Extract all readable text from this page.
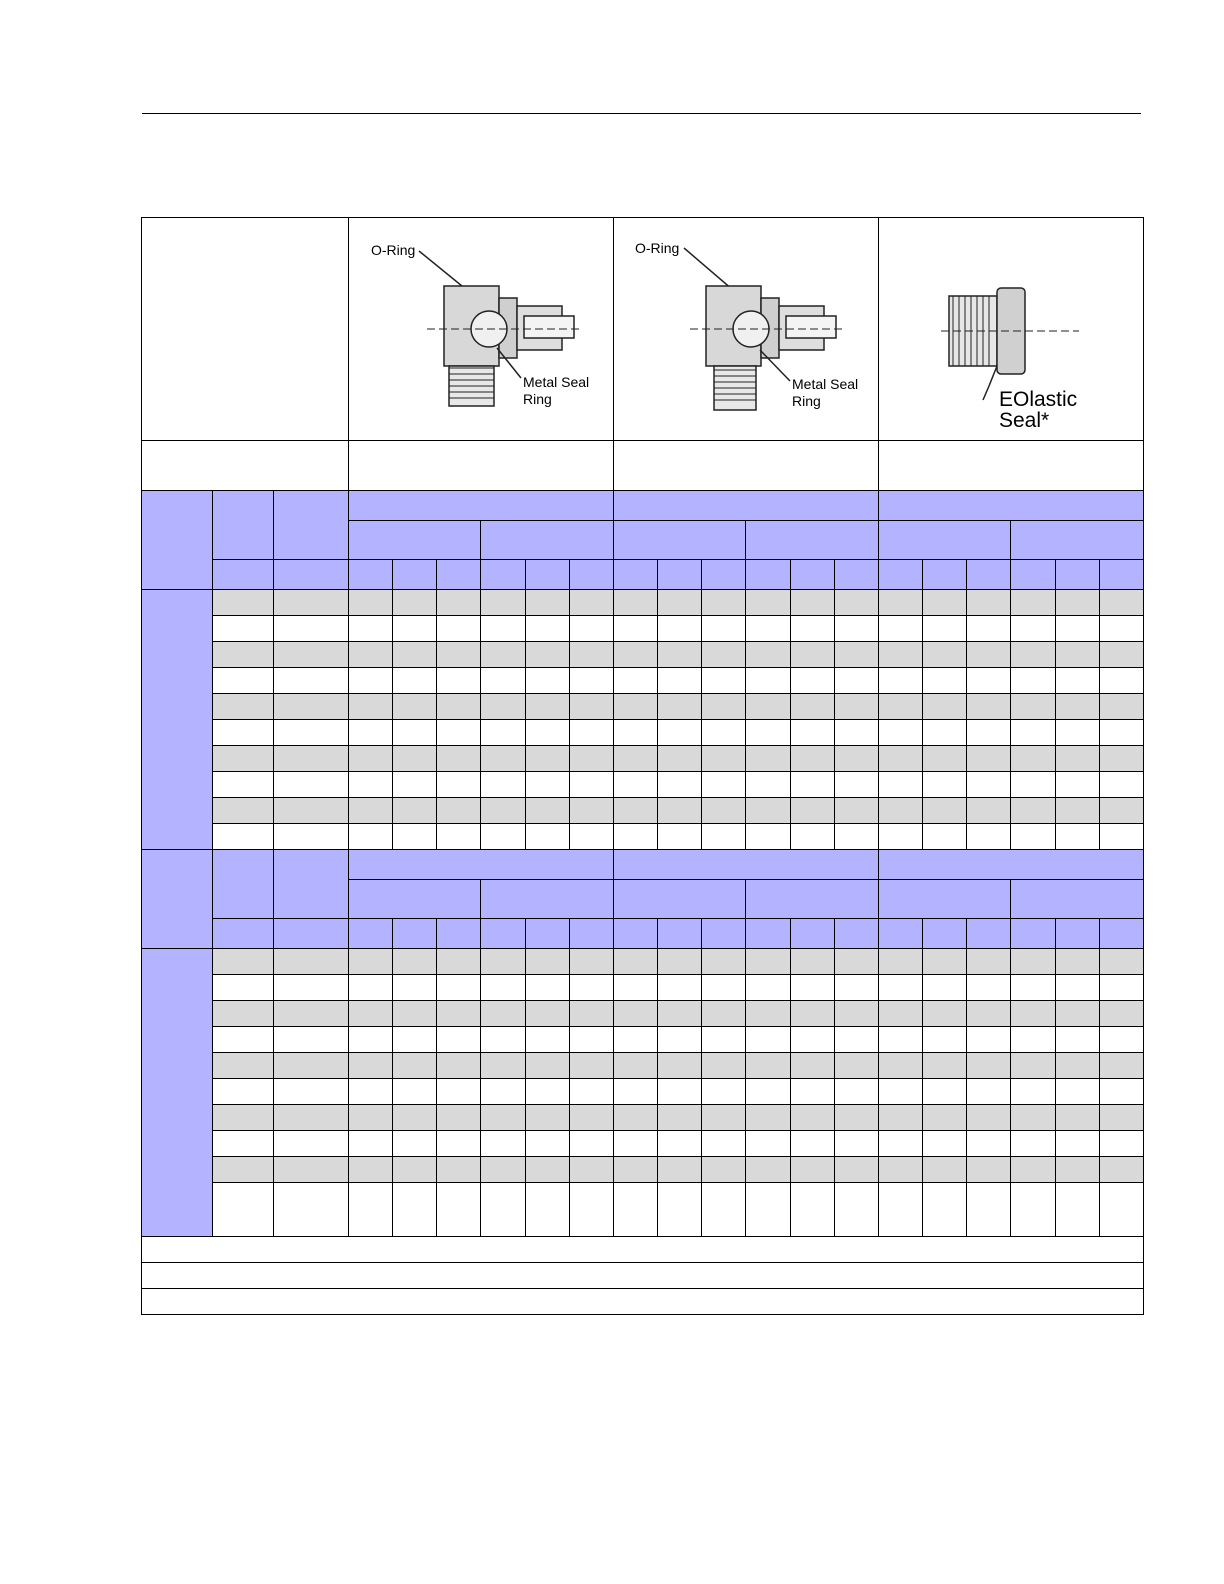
O-Ring
Metal Seal
Ring						O-Ring
Metal Seal
Ring						EOlastic
Seal*					
